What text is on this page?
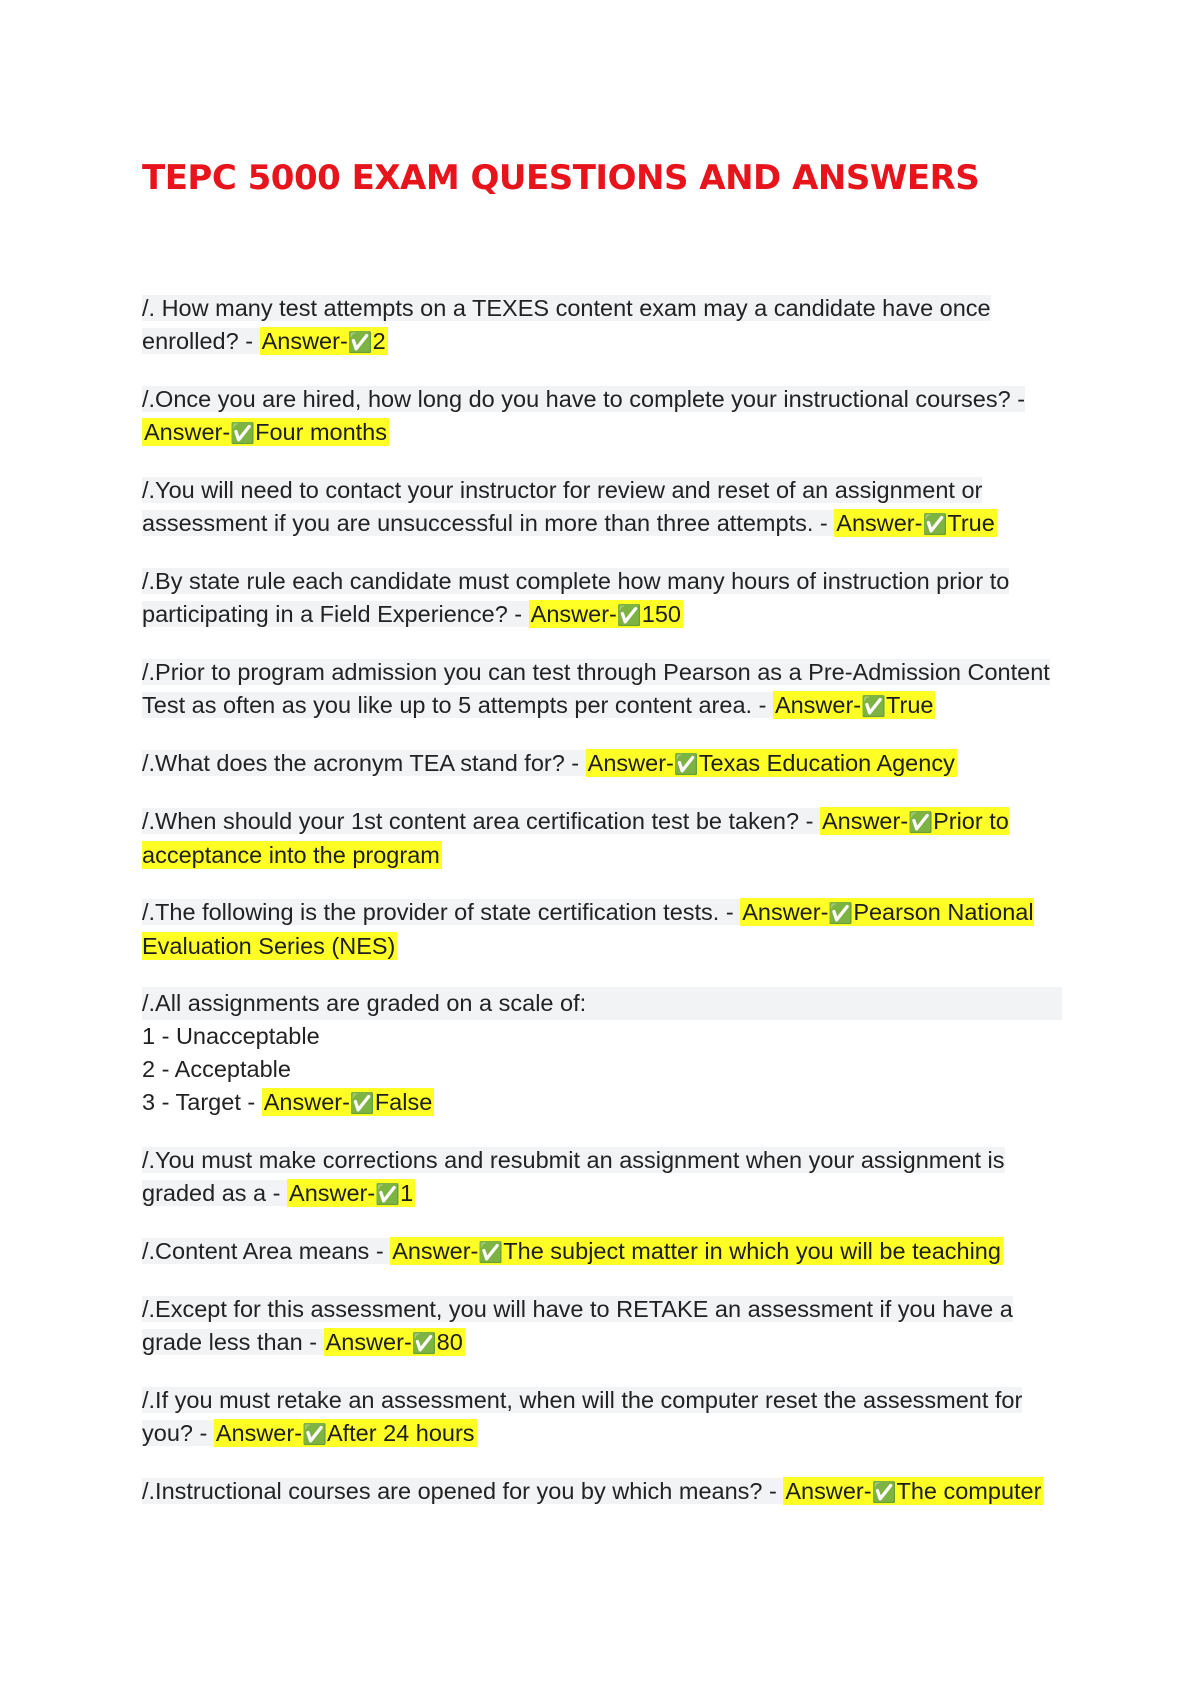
TEPC 5000 EXAM QUESTIONS AND ANSWERS

/. How many test attempts on a TEXES content exam may a candidate have once enrolled? - Answer-✅2

/.Once you are hired, how long do you have to complete your instructional courses? - Answer-✅Four months

/.You will need to contact your instructor for review and reset of an assignment or assessment if you are unsuccessful in more than three attempts. - Answer-✅True

/.By state rule each candidate must complete how many hours of instruction prior to participating in a Field Experience? - Answer-✅150

/.Prior to program admission you can test through Pearson as a Pre-Admission Content Test as often as you like up to 5 attempts per content area. - Answer-✅True

/.What does the acronym TEA stand for? - Answer-✅Texas Education Agency

/.When should your 1st content area certification test be taken? - Answer-✅Prior to acceptance into the program

/.The following is the provider of state certification tests. - Answer-✅Pearson National Evaluation Series (NES)

/.All assignments are graded on a scale of:
1 - Unacceptable
2 - Acceptable
3 - Target - Answer-✅False

/.You must make corrections and resubmit an assignment when your assignment is graded as a - Answer-✅1

/.Content Area means - Answer-✅The subject matter in which you will be teaching

/.Except for this assessment, you will have to RETAKE an assessment if you have a grade less than - Answer-✅80

/.If you must retake an assessment, when will the computer reset the assessment for you? - Answer-✅After 24 hours

/.Instructional courses are opened for you by which means? - Answer-✅The computer
